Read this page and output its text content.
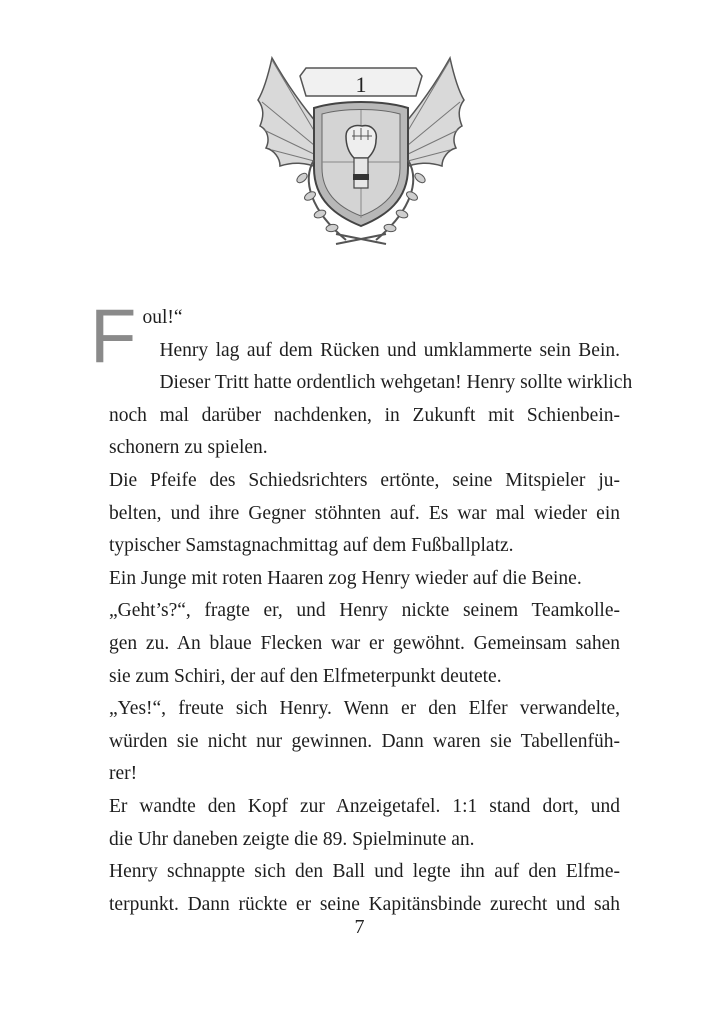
1

F oul!“

Henry lag auf dem Rücken und umklammerte sein Bein.
Dieser Tritt hatte ordentlich wehgetan! Henry sollte wirklich
noch mal darüber nachdenken, in Zukunft mit Schienbein-
schonern zu spielen.

Die Pfeife des Schiedsrichters ertönte, seine Mitspieler ju-
belten, und ihre Gegner stöhnten auf. Es war mal wieder ein
typischer Samstagnachmittag auf dem Fußballplatz.

Ein Junge mit roten Haaren zog Henry wieder auf die Beine.

„Geht’s?“, fragte er, und Henry nickte seinem Teamkolle-
gen zu. An blaue Flecken war er gewöhnt. Gemeinsam sahen
sie zum Schiri, der auf den Elfmeterpunkt deutete.

„Yes!“, freute sich Henry. Wenn er den Elfer verwandelte,
würden sie nicht nur gewinnen. Dann waren sie Tabellenfüh-
rer!

Er wandte den Kopf zur Anzeigetafel. 1:1 stand dort, und
die Uhr daneben zeigte die 89. Spielminute an.

Henry schnappte sich den Ball und legte ihn auf den Elfme-
terpunkt. Dann rückte er seine Kapitänsbinde zurecht und sah

7
